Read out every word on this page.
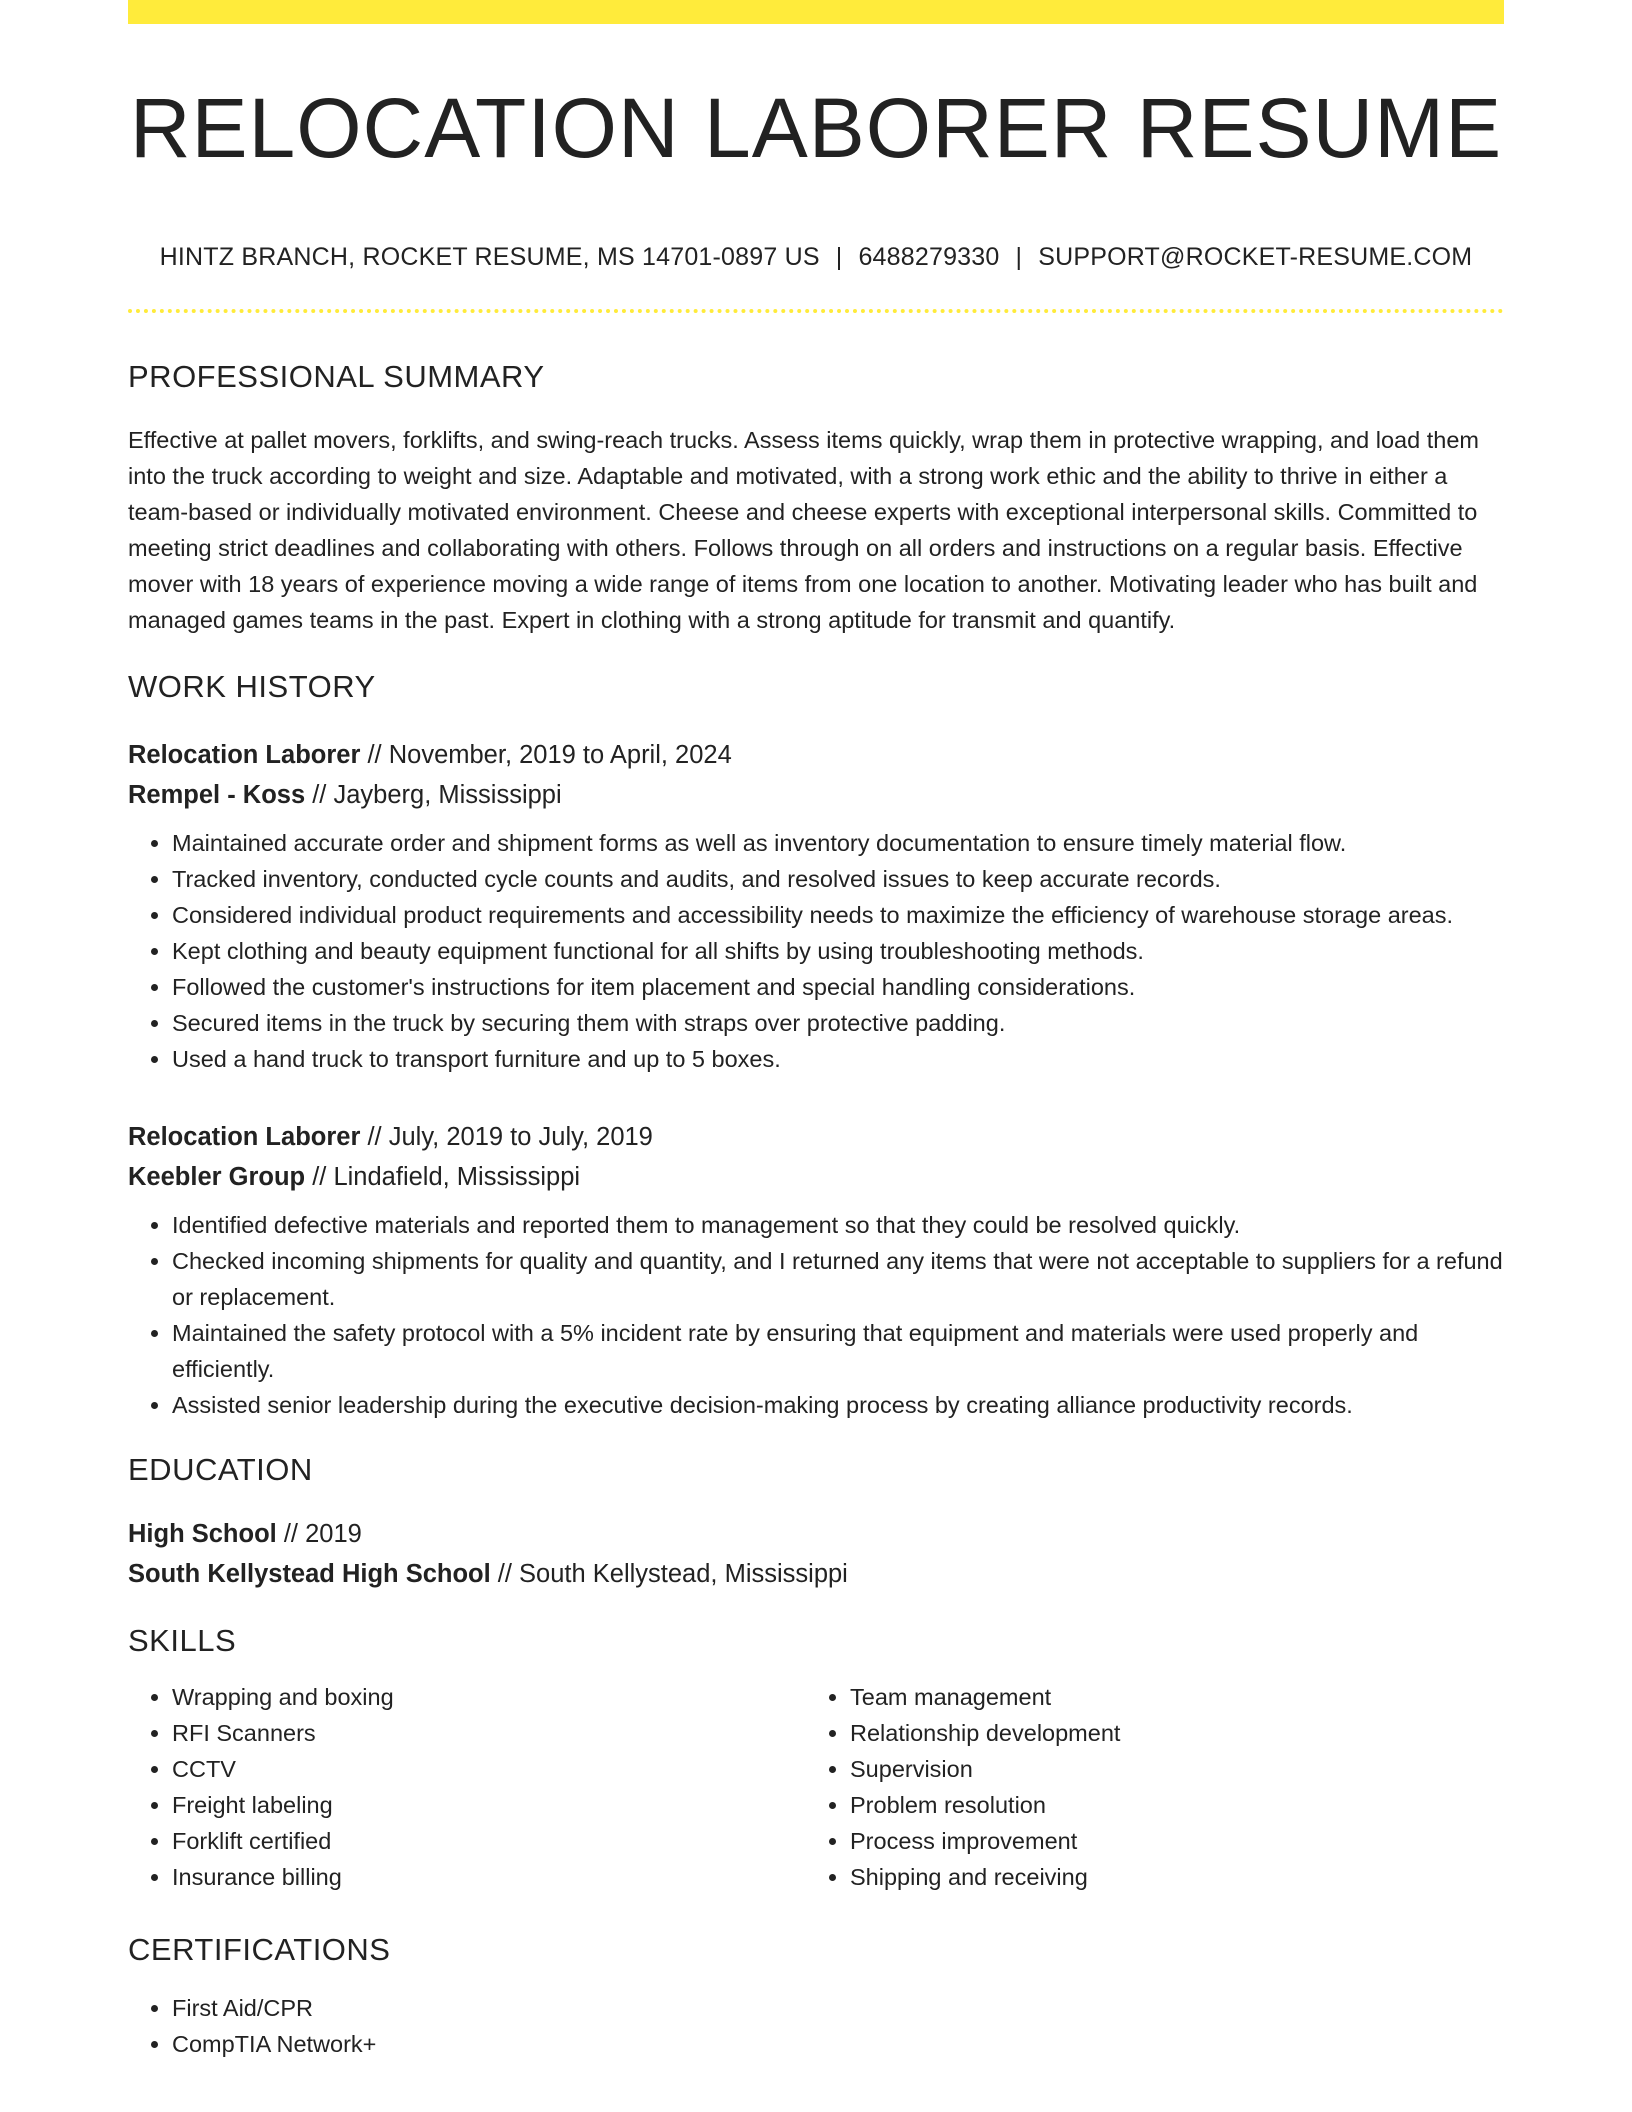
RELOCATION LABORER RESUME
HINTZ BRANCH, ROCKET RESUME, MS 14701-0897 US | 6488279330 | SUPPORT@ROCKET-RESUME.COM
PROFESSIONAL SUMMARY
Effective at pallet movers, forklifts, and swing-reach trucks. Assess items quickly, wrap them in protective wrapping, and load them into the truck according to weight and size. Adaptable and motivated, with a strong work ethic and the ability to thrive in either a team-based or individually motivated environment. Cheese and cheese experts with exceptional interpersonal skills. Committed to meeting strict deadlines and collaborating with others. Follows through on all orders and instructions on a regular basis. Effective mover with 18 years of experience moving a wide range of items from one location to another. Motivating leader who has built and managed games teams in the past. Expert in clothing with a strong aptitude for transmit and quantify.
WORK HISTORY
Relocation Laborer // November, 2019 to April, 2024
Rempel - Koss // Jayberg, Mississippi
• Maintained accurate order and shipment forms as well as inventory documentation to ensure timely material flow.
• Tracked inventory, conducted cycle counts and audits, and resolved issues to keep accurate records.
• Considered individual product requirements and accessibility needs to maximize the efficiency of warehouse storage areas.
• Kept clothing and beauty equipment functional for all shifts by using troubleshooting methods.
• Followed the customer's instructions for item placement and special handling considerations.
• Secured items in the truck by securing them with straps over protective padding.
• Used a hand truck to transport furniture and up to 5 boxes.
Relocation Laborer // July, 2019 to July, 2019
Keebler Group // Lindafield, Mississippi
• Identified defective materials and reported them to management so that they could be resolved quickly.
• Checked incoming shipments for quality and quantity, and I returned any items that were not acceptable to suppliers for a refund or replacement.
• Maintained the safety protocol with a 5% incident rate by ensuring that equipment and materials were used properly and efficiently.
• Assisted senior leadership during the executive decision-making process by creating alliance productivity records.
EDUCATION
High School // 2019
South Kellystead High School // South Kellystead, Mississippi
SKILLS
• Wrapping and boxing
• RFI Scanners
• CCTV
• Freight labeling
• Forklift certified
• Insurance billing
• Team management
• Relationship development
• Supervision
• Problem resolution
• Process improvement
• Shipping and receiving
CERTIFICATIONS
• First Aid/CPR
• CompTIA Network+
